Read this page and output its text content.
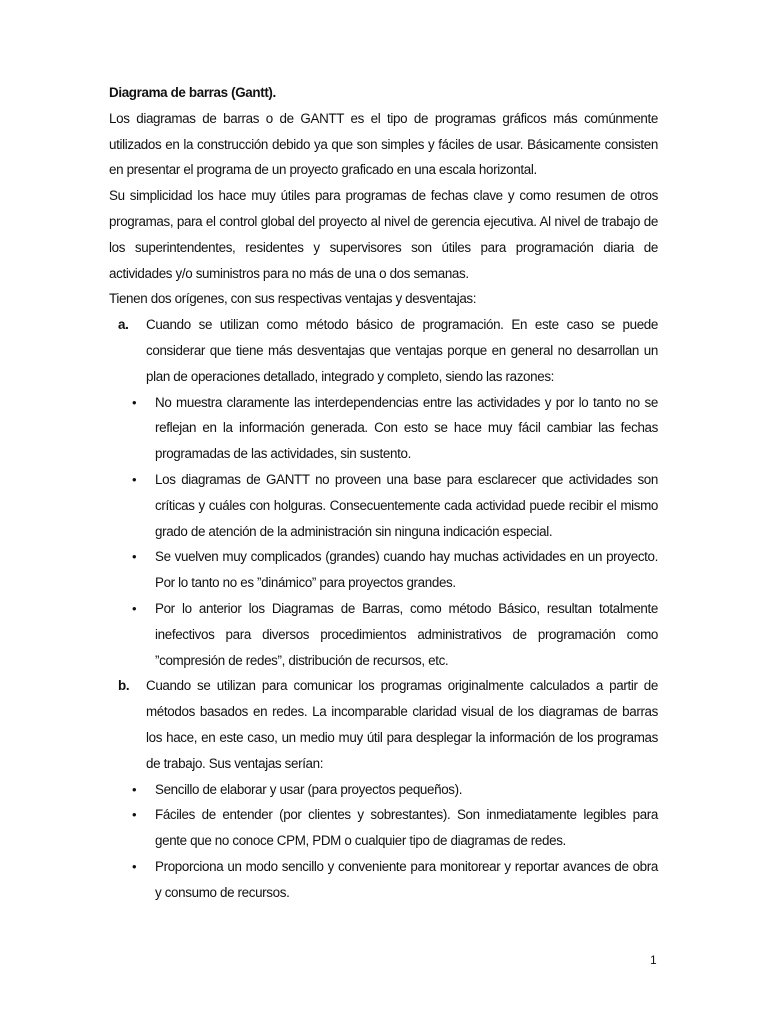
Diagrama de barras (Gantt).

Los diagramas de barras o de GANTT es el tipo de programas gráficos más comúnmente utilizados en la construcción debido ya que son simples y fáciles de usar. Básicamente consisten en presentar el programa de un proyecto graficado en una escala horizontal.

Su simplicidad los hace muy útiles para programas de fechas clave y como resumen de otros programas, para el control global del proyecto al nivel de gerencia ejecutiva. Al nivel de trabajo de los superintendentes, residentes y supervisores son útiles para programación diaria de actividades y/o suministros para no más de una o dos semanas.

Tienen dos orígenes, con sus respectivas ventajas y desventajas:

a. Cuando se utilizan como método básico de programación. En este caso se puede considerar que tiene más desventajas que ventajas porque en general no desarrollan un plan de operaciones detallado, integrado y completo, siendo las razones:
• No muestra claramente las interdependencias entre las actividades y por lo tanto no se reflejan en la información generada. Con esto se hace muy fácil cambiar las fechas programadas de las actividades, sin sustento.
• Los diagramas de GANTT no proveen una base para esclarecer que actividades son críticas y cuáles con holguras. Consecuentemente cada actividad puede recibir el mismo grado de atención de la administración sin ninguna indicación especial.
• Se vuelven muy complicados (grandes) cuando hay muchas actividades en un proyecto. Por lo tanto no es ”dinámico” para proyectos grandes.
• Por lo anterior los Diagramas de Barras, como método Básico, resultan totalmente inefectivos para diversos procedimientos administrativos de programación como ”compresión de redes”, distribución de recursos, etc.
b. Cuando se utilizan para comunicar los programas originalmente calculados a partir de métodos basados en redes. La incomparable claridad visual de los diagramas de barras los hace, en este caso, un medio muy útil para desplegar la información de los programas de trabajo. Sus ventajas serían:
• Sencillo de elaborar y usar (para proyectos pequeños).
• Fáciles de entender (por clientes y sobrestantes). Son inmediatamente legibles para gente que no conoce CPM, PDM o cualquier tipo de diagramas de redes.
• Proporciona un modo sencillo y conveniente para monitorear y reportar avances de obra y consumo de recursos.
1
